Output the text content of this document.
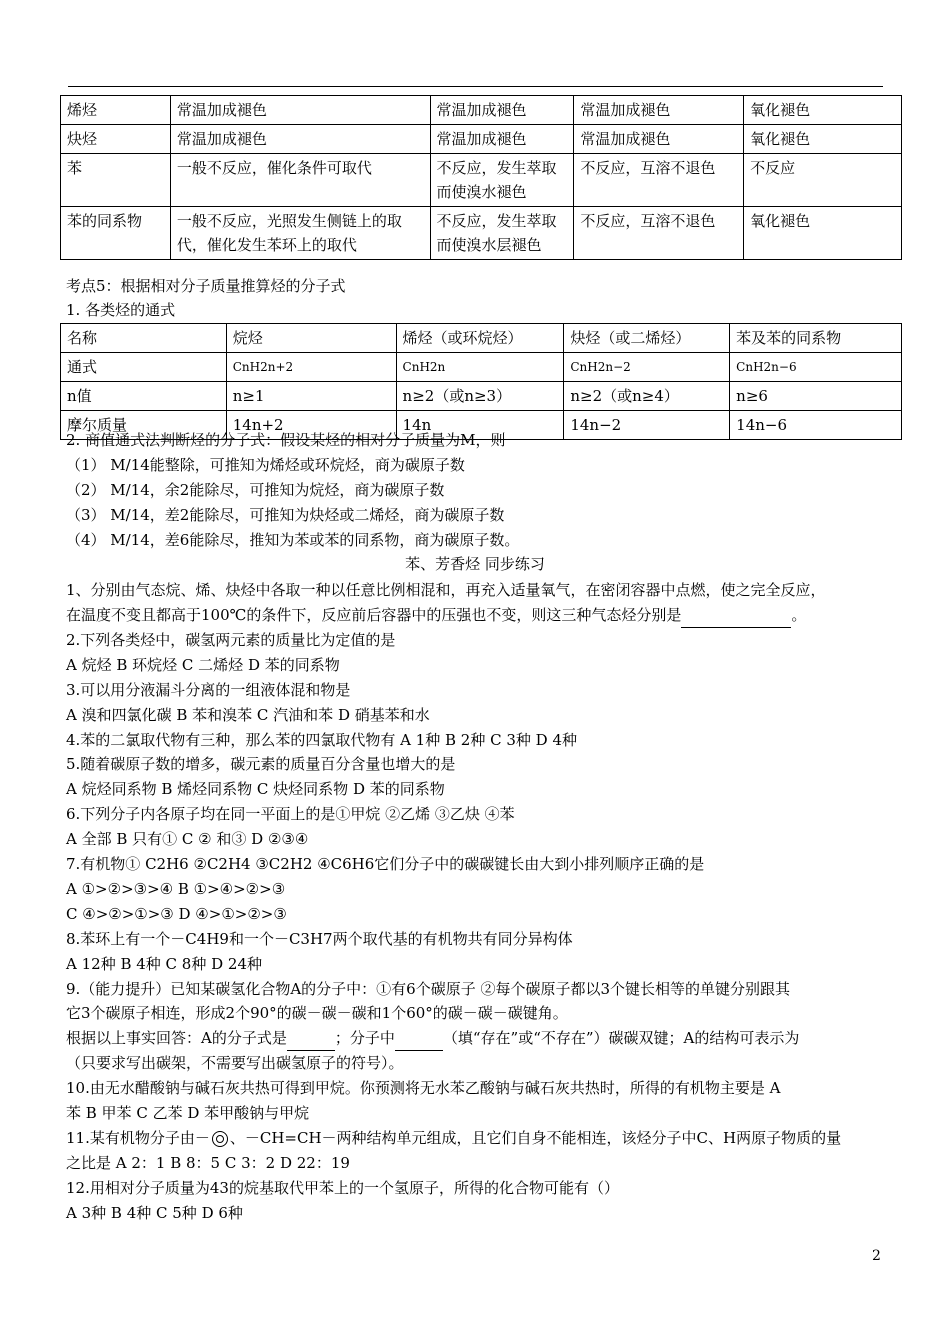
烯烃	常温加成褪色	常温加成褪色	常温加成褪色	氧化褪色
炔烃	常温加成褪色	常温加成褪色	常温加成褪色	氧化褪色
苯	一般不反应，催化条件可取代	不反应，发生萃取而使溴水褪色	不反应，互溶不退色	不反应
苯的同系物	一般不反应，光照发生侧链上的取代，催化发生苯环上的取代	不反应，发生萃取而使溴水层褪色	不反应，互溶不退色	氧化褪色
考点5：根据相对分子质量推算烃的分子式
1. 各类烃的通式
名称	烷烃	烯烃（或环烷烃）	炔烃（或二烯烃）	苯及苯的同系物
通式	CnH2n+2	CnH2n	CnH2n−2	CnH2n−6
n值	n≥1	n≥2（或n≥3）	n≥2（或n≥4）	n≥6
摩尔质量	14n+2	14n	14n−2	14n−6
2. 商值通式法判断烃的分子式：假设某烃的相对分子质量为M，则
（1） M/14能整除，可推知为烯烃或环烷烃，商为碳原子数
（2） M/14，余2能除尽，可推知为烷烃，商为碳原子数
（3） M/14，差2能除尽，可推知为炔烃或二烯烃，商为碳原子数
（4） M/14，差6能除尽，推知为苯或苯的同系物，商为碳原子数。
苯、芳香烃 同步练习
1、分别由气态烷、烯、炔烃中各取一种以任意比例相混和，再充入适量氧气，在密闭容器中点燃，使之完全反应，
在温度不变且都高于100℃的条件下，反应前后容器中的压强也不变，则这三种气态烃分别是	。
2.下列各类烃中，碳氢两元素的质量比为定值的是
A 烷烃 B 环烷烃 C 二烯烃 D 苯的同系物
3.可以用分液漏斗分离的一组液体混和物是
A 溴和四氯化碳 B 苯和溴苯 C 汽油和苯 D 硝基苯和水
4.苯的二氯取代物有三种，那么苯的四氯取代物有 A 1种 B 2种 C 3种 D 4种
5.随着碳原子数的增多，碳元素的质量百分含量也增大的是
A 烷烃同系物 B 烯烃同系物 C 炔烃同系物 D 苯的同系物
6.下列分子内各原子均在同一平面上的是①甲烷 ②乙烯 ③乙炔 ④苯
A 全部 B 只有① C ② 和③ D ②③④
7.有机物① C2H6 ②C2H4 ③C2H2 ④C6H6它们分子中的碳碳键长由大到小排列顺序正确的是
A ①>②>③>④ B ①>④>②>③
C ④>②>①>③ D ④>①>②>③
8.苯环上有一个－C4H9和一个－C3H7两个取代基的有机物共有同分异构体
A 12种 B 4种 C 8种 D 24种
9.（能力提升）已知某碳氢化合物A的分子中：①有6个碳原子 ②每个碳原子都以3个键长相等的单键分别跟其
它3个碳原子相连，形成2个90°的碳－碳－碳和1个60°的碳－碳－碳键角。
根据以上事实回答：A的分子式是	；分子中	（填“存在”或“不存在”）碳碳双键；A的结构可表示为
（只要求写出碳架，不需要写出碳氢原子的符号）。
10.由无水醋酸钠与碱石灰共热可得到甲烷。你预测将无水苯乙酸钠与碱石灰共热时，所得的有机物主要是 A
苯 B 甲苯 C 乙苯 D 苯甲酸钠与甲烷
11.某有机物分子由－ 、－CH=CH－两种结构单元组成，且它们自身不能相连，该烃分子中C、H两原子物质的量
之比是 A 2：1 B 8：5 C 3：2 D 22：19
12.用相对分子质量为43的烷基取代甲苯上的一个氢原子，所得的化合物可能有（）
A 3种 B 4种 C 5种 D 6种
2
